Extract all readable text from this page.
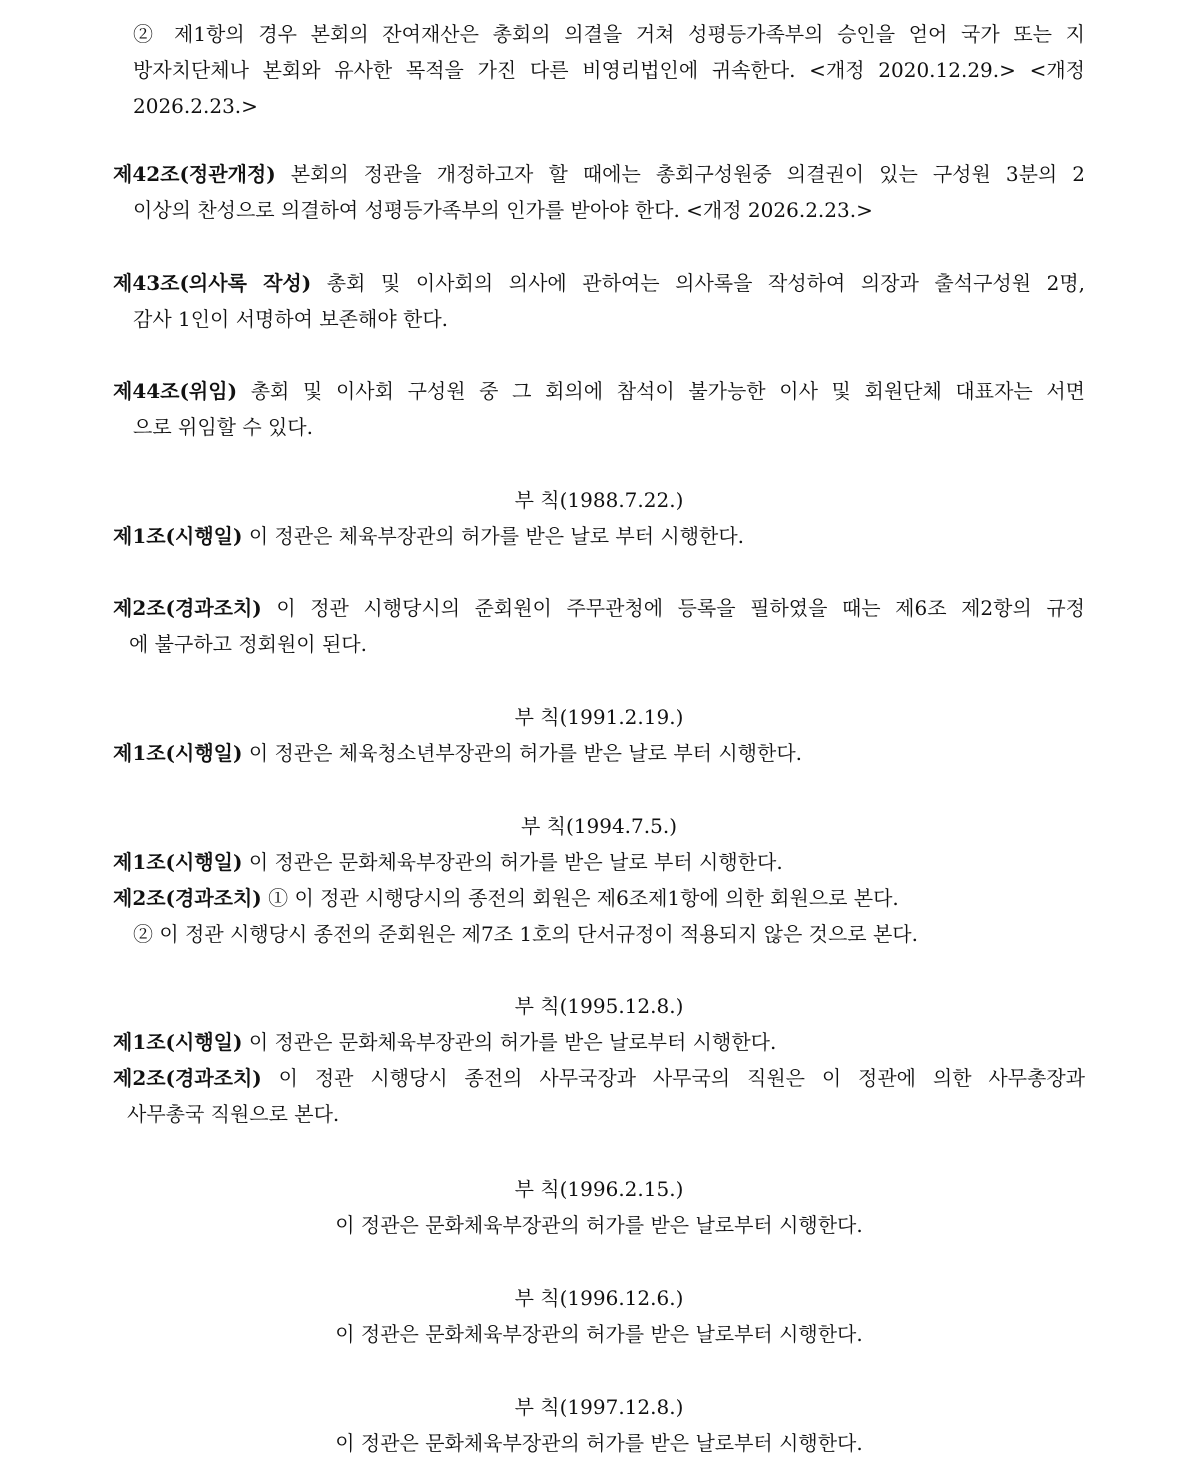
② 제1항의 경우 본회의 잔여재산은 총회의 의결을 거쳐 성평등가족부의 승인을 얻어 국가 또는 지
방자치단체나 본회와 유사한 목적을 가진 다른 비영리법인에 귀속한다. <개정 2020.12.29.> <개정
2026.2.23.>
제42조(정관개정) 본회의 정관을 개정하고자 할 때에는 총회구성원중 의결권이 있는 구성원 3분의 2
이상의 찬성으로 의결하여 성평등가족부의 인가를 받아야 한다. <개정 2026.2.23.>
제43조(의사록 작성) 총회 및 이사회의 의사에 관하여는 의사록을 작성하여 의장과 출석구성원 2명,
감사 1인이 서명하여 보존해야 한다.
제44조(위임) 총회 및 이사회 구성원 중 그 회의에 참석이 불가능한 이사 및 회원단체 대표자는 서면
으로 위임할 수 있다.
부 칙(1988.7.22.)
제1조(시행일) 이 정관은 체육부장관의 허가를 받은 날로 부터 시행한다.
제2조(경과조치) 이 정관 시행당시의 준회원이 주무관청에 등록을 필하였을 때는 제6조 제2항의 규정
에 불구하고 정회원이 된다.
부 칙(1991.2.19.)
제1조(시행일) 이 정관은 체육청소년부장관의 허가를 받은 날로 부터 시행한다.
부 칙(1994.7.5.)
제1조(시행일) 이 정관은 문화체육부장관의 허가를 받은 날로 부터 시행한다.
제2조(경과조치) ① 이 정관 시행당시의 종전의 회원은 제6조제1항에 의한 회원으로 본다.
② 이 정관 시행당시 종전의 준회원은 제7조 1호의 단서규정이 적용되지 않은 것으로 본다.
부 칙(1995.12.8.)
제1조(시행일) 이 정관은 문화체육부장관의 허가를 받은 날로부터 시행한다.
제2조(경과조치) 이 정관 시행당시 종전의 사무국장과 사무국의 직원은 이 정관에 의한 사무총장과
사무총국 직원으로 본다.
부 칙(1996.2.15.)
이 정관은 문화체육부장관의 허가를 받은 날로부터 시행한다.
부 칙(1996.12.6.)
이 정관은 문화체육부장관의 허가를 받은 날로부터 시행한다.
부 칙(1997.12.8.)
이 정관은 문화체육부장관의 허가를 받은 날로부터 시행한다.
